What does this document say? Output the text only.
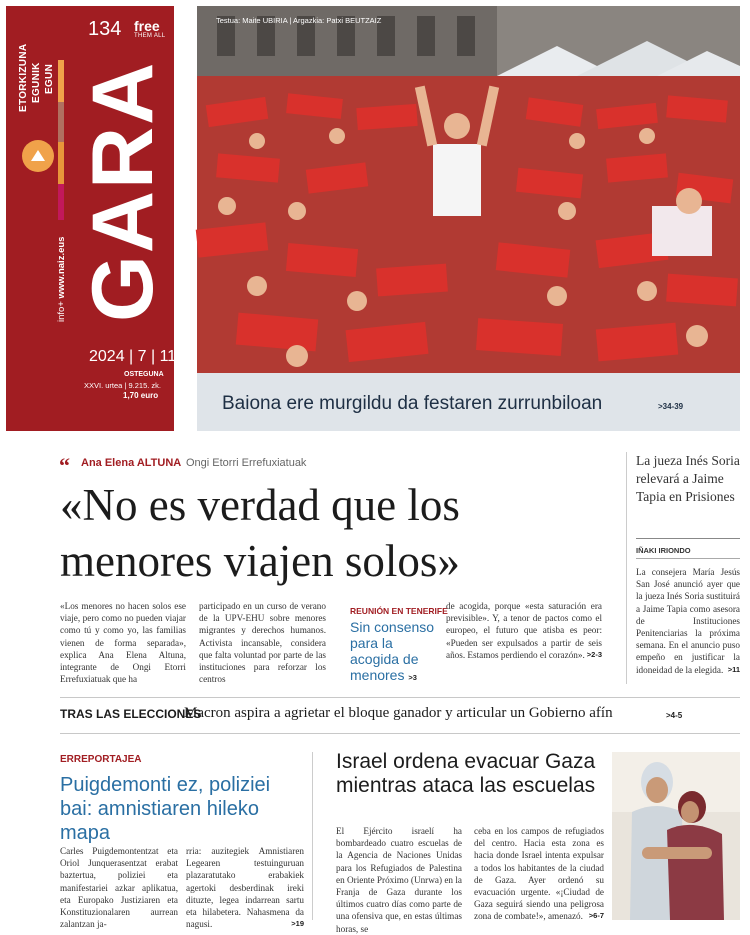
134 free
THEM ALL
ETORKIZUNA EGUNIK EGUN GARA
info+ www.naiz.eus
2024 | 7 | 11
OSTEGUNA
XXVI. urtea | 9.215. zk.
1,70 euro
Testua: Maite UBIRIA | Argazkia: Patxi BEUTZAIZ
Baiona ere murgildu da festaren zurrunbiloan	>34-39
“ Ana Elena ALTUNA Ongi Etorri Errefuxiatuak
«No es verdad que los menores viajen solos»
«Los menores no hacen solos ese viaje, pero como no pueden viajar como tú y como yo, las familias vienen de forma separada», explica Ana Elena Altuna, integrante de Ongi Etorri Errefuxiatuak que ha
participado en un curso de verano de la UPV-EHU sobre menores migrantes y derechos humanos. Activista incansable, considera que falta voluntad por parte de las instituciones para reforzar los centros
REUNIÓN EN TENERIFE
Sin consenso para la acogida de menores >3
de acogida, porque «esta saturación era previsible». Y, a tenor de pactos como el europeo, el futuro que atisba es peor: «Pueden ser expulsados a partir de seis años. Estamos perdiendo el corazón». >2-3
La jueza Inés Soria relevará a Jaime Tapia en Prisiones
IÑAKI IRIONDO
La consejera María Jesús San José anunció ayer que la jueza Inés Soria sustituirá a Jaime Tapia como asesora de Instituciones Penitenciarias la próxima semana. En el anuncio puso empeño en justificar la idoneidad de la elegida. >11
TRAS LAS ELECCIONES
Macron aspira a agrietar el bloque ganador y articular un Gobierno afín	>4-5
ERREPORTAJEA
Puigdemonti ez, poliziei bai: amnistiaren hileko mapa
Carles Puigdemontentzat eta Oriol Junquerasentzat erabat baztertua, poliziei eta manifestariei azkar aplikatua, eta Europako Justiziaren eta Konstituzionalaren aurrean zalantzan ja-
rria: auzitegiek Amnistiaren Legearen testuinguruan plazaratutako erabakiek agertoki desberdinak ireki dituzte, legea indarrean sartu eta hilabetera. Nahasmena da nagusi.	>19
Israel ordena evacuar Gaza mientras ataca las escuelas
El Ejército israelí ha bombardeado cuatro escuelas de la Agencia de Naciones Unidas para los Refugiados de Palestina en Oriente Próximo (Unrwa) en la Franja de Gaza durante los últimos cuatro días como parte de una ofensiva que, en estas últimas horas, se
ceba en los campos de refugiados del centro. Hacia esta zona es hacia donde Israel intenta expulsar a todos los habitantes de la ciudad de Gaza. Ayer ordenó su evacuación urgente. «¡Ciudad de Gaza seguirá siendo una peligrosa zona de combate!», amenazó. >6-7
